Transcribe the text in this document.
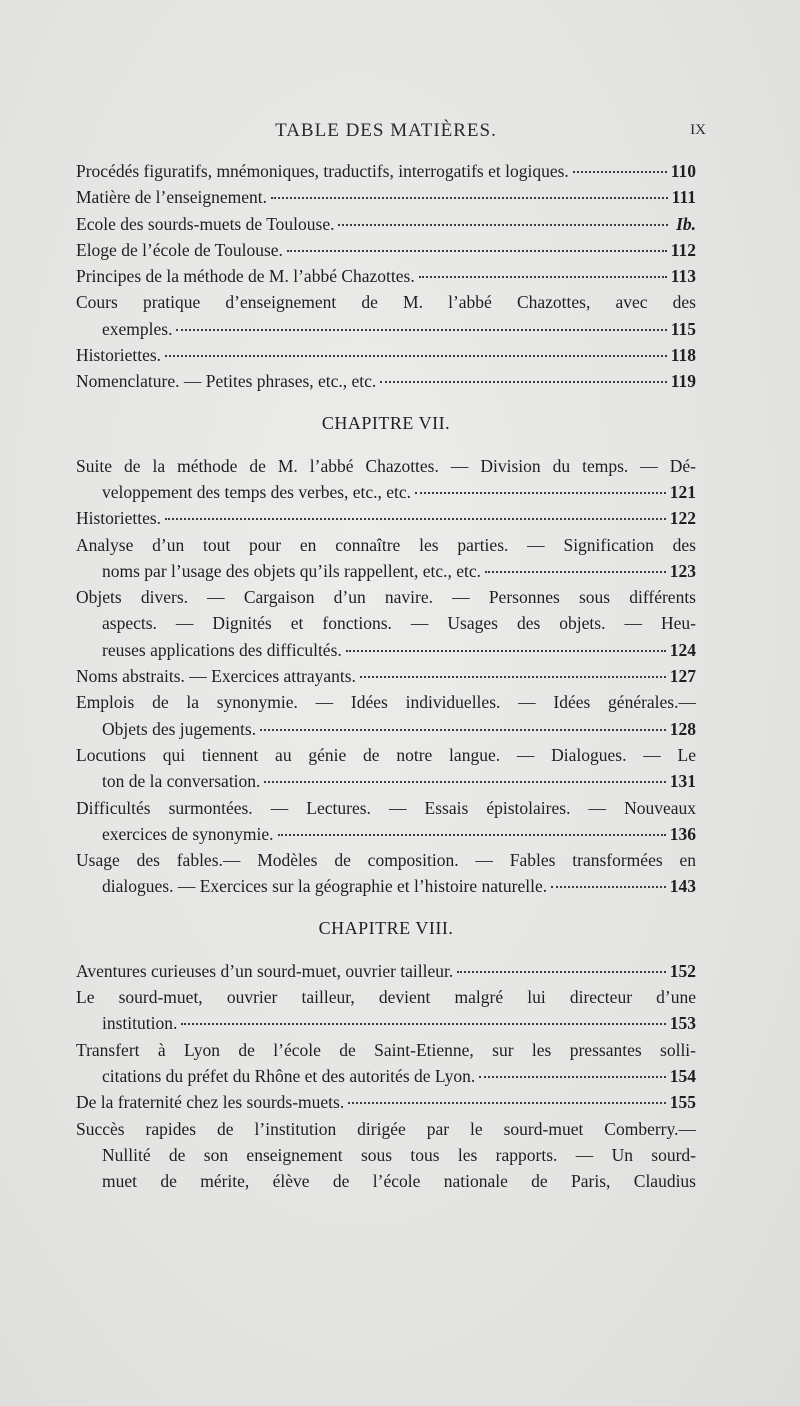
TABLE DES MATIÈRES.	IX
Procédés figuratifs, mnémoniques, traductifs, interrogatifs et logiques.	110
Matière de l’enseignement.	111
Ecole des sourds-muets de Toulouse.	Ib.
Eloge de l’école de Toulouse.	112
Principes de la méthode de M. l’abbé Chazottes.	113
Cours pratique d’enseignement de M. l’abbé Chazottes, avec des
exemples.	115
Historiettes.	118
Nomenclature. — Petites phrases, etc., etc.	119
CHAPITRE VII.
Suite de la méthode de M. l’abbé Chazottes. — Division du temps. — Dé-
veloppement des temps des verbes, etc., etc.	121
Historiettes.	122
Analyse d’un tout pour en connaître les parties. — Signification des
noms par l’usage des objets qu’ils rappellent, etc., etc.	123
Objets divers. — Cargaison d’un navire. — Personnes sous différents
aspects. — Dignités et fonctions. — Usages des objets. — Heu-
reuses applications des difficultés.	124
Noms abstraits. — Exercices attrayants.	127
Emplois de la synonymie. — Idées individuelles. — Idées générales.—
Objets des jugements.	128
Locutions qui tiennent au génie de notre langue. — Dialogues. — Le
ton de la conversation.	131
Difficultés surmontées. — Lectures. — Essais épistolaires. — Nouveaux
exercices de synonymie.	136
Usage des fables.— Modèles de composition. — Fables transformées en
dialogues. — Exercices sur la géographie et l’histoire naturelle.	143
CHAPITRE VIII.
Aventures curieuses d’un sourd-muet, ouvrier tailleur.	152
Le sourd-muet, ouvrier tailleur, devient malgré lui directeur d’une
institution.	153
Transfert à Lyon de l’école de Saint-Etienne, sur les pressantes solli-
citations du préfet du Rhône et des autorités de Lyon.	154
De la fraternité chez les sourds-muets.	155
Succès rapides de l’institution dirigée par le sourd-muet Comberry.—
Nullité de son enseignement sous tous les rapports. — Un sourd-
muet de mérite, élève de l’école nationale de Paris, Claudius
